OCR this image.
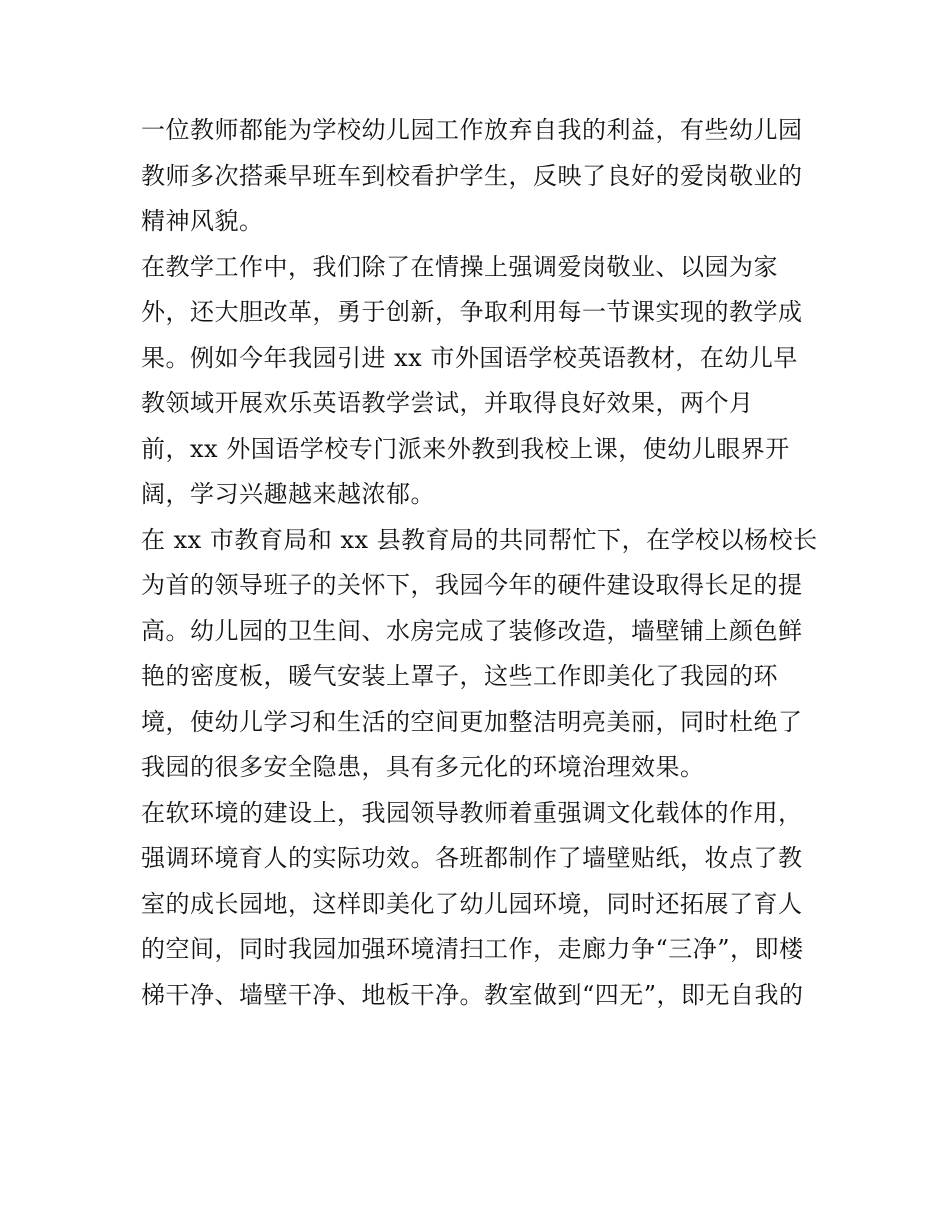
一位教师都能为学校幼儿园工作放弃自我的利益，有些幼儿园
教师多次搭乘早班车到校看护学生，反映了良好的爱岗敬业的
精神风貌。
在教学工作中，我们除了在情操上强调爱岗敬业、以园为家
外，还大胆改革，勇于创新，争取利用每一节课实现的教学成
果。例如今年我园引进 xx 市外国语学校英语教材，在幼儿早
教领域开展欢乐英语教学尝试，并取得良好效果，两个月
前，xx 外国语学校专门派来外教到我校上课，使幼儿眼界开
阔，学习兴趣越来越浓郁。
在 xx 市教育局和 xx 县教育局的共同帮忙下，在学校以杨校长
为首的领导班子的关怀下，我园今年的硬件建设取得长足的提
高。幼儿园的卫生间、水房完成了装修改造，墙壁铺上颜色鲜
艳的密度板，暖气安装上罩子，这些工作即美化了我园的环
境，使幼儿学习和生活的空间更加整洁明亮美丽，同时杜绝了
我园的很多安全隐患，具有多元化的环境治理效果。
在软环境的建设上，我园领导教师着重强调文化载体的作用，
强调环境育人的实际功效。各班都制作了墙壁贴纸，妆点了教
室的成长园地，这样即美化了幼儿园环境，同时还拓展了育人
的空间，同时我园加强环境清扫工作，走廊力争“三净”，即楼
梯干净、墙壁干净、地板干净。教室做到“四无”，即无自我的
